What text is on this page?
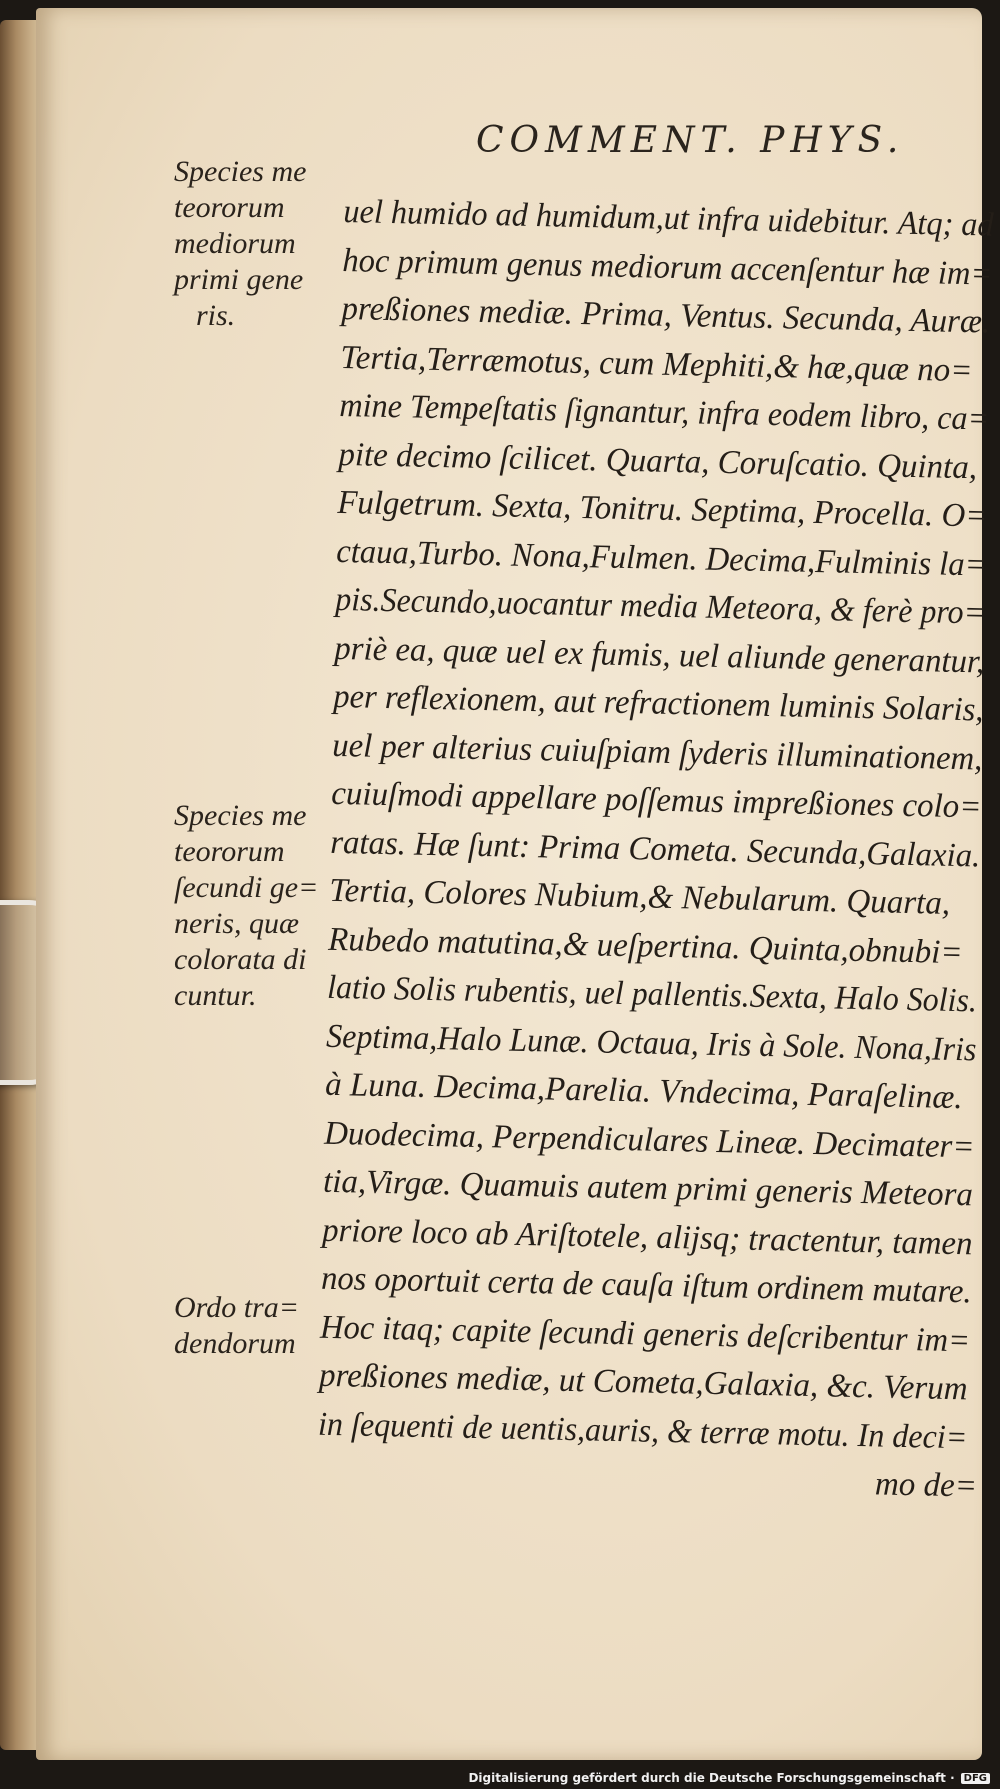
COMMENT. PHYS.
Species me
teororum
mediorum
primi gene
ris.
Species me
teororum
ſecundi ge=
neris, quæ
colorata di
cuntur.
Ordo tra=
dendorum
uel humido ad humidum,ut infra uidebitur. Atq; ad
hoc primum genus mediorum accenſentur hæ im=
preßiones mediæ. Prima, Ventus. Secunda, Auræ.
Tertia,Terræmotus, cum Mephiti,& hæ,quæ no=
mine Tempeſtatis ſignantur, infra eodem libro, ca=
pite decimo ſcilicet. Quarta, Coruſcatio. Quinta,
Fulgetrum. Sexta, Tonitru. Septima, Procella. O=
ctaua,Turbo. Nona,Fulmen. Decima,Fulminis la=
pis.Secundo,uocantur media Meteora, & ferè pro=
priè ea, quæ uel ex fumis, uel aliunde generantur,
per reflexionem, aut refractionem luminis Solaris,
uel per alterius cuiuſpiam ſyderis illuminationem,
cuiuſmodi appellare poſſemus impreßiones colo=
ratas. Hæ ſunt: Prima Cometa. Secunda,Galaxia.
Tertia, Colores Nubium,& Nebularum. Quarta,
Rubedo matutina,& ueſpertina. Quinta,obnubi=
latio Solis rubentis, uel pallentis.Sexta, Halo Solis.
Septima,Halo Lunæ. Octaua, Iris à Sole. Nona,Iris
à Luna. Decima,Parelia. Vndecima, Paraſelinæ.
Duodecima, Perpendiculares Lineæ. Decimater=
tia,Virgæ. Quamuis autem primi generis Meteora
priore loco ab Ariſtotele, alijsq; tractentur, tamen
nos oportuit certa de cauſa iſtum ordinem mutare.
Hoc itaq; capite ſecundi generis deſcribentur im=
preßiones mediæ, ut Cometa,Galaxia, &c. Verum
in ſequenti de uentis,auris, & terræ motu. In deci=
mo de=
Digitalisierung gefördert durch die Deutsche Forschungsgemeinschaft · DFG
